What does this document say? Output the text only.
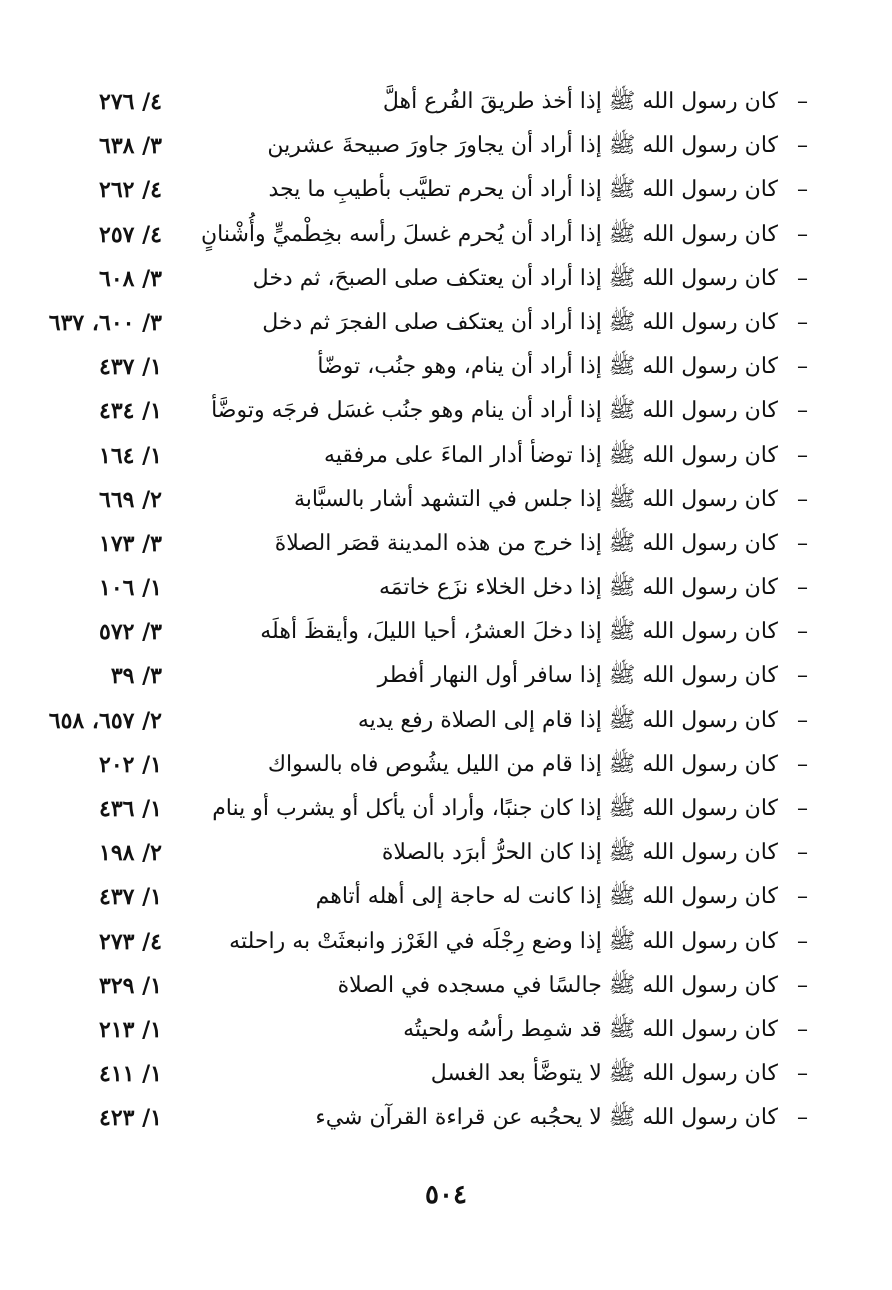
–
كان رسول الله ﷺ إذا أخذ طريقَ الفُرع أهلَّ
٤/ ٢٧٦
–
كان رسول الله ﷺ إذا أراد أن يجاورَ جاورَ صبيحةَ عشرين
٣/ ٦٣٨
–
كان رسول الله ﷺ إذا أراد أن يحرم تطيَّب بأطيبِ ما يجد
٤/ ٢٦٢
–
كان رسول الله ﷺ إذا أراد أن يُحرم غسلَ رأسه بخِطْميٍّ وأُشْنانٍ
٤/ ٢٥٧
–
كان رسول الله ﷺ إذا أراد أن يعتكف صلى الصبحَ، ثم دخل
٣/ ٦٠٨
–
كان رسول الله ﷺ إذا أراد أن يعتكف صلى الفجرَ ثم دخل
٣/ ٦٠٠، ٦٣٧
–
كان رسول الله ﷺ إذا أراد أن ينام، وهو جنُب، توضّأ
١/ ٤٣٧
–
كان رسول الله ﷺ إذا أراد أن ينام وهو جنُب غسَل فرجَه وتوضَّأ
١/ ٤٣٤
–
كان رسول الله ﷺ إذا توضأ أدار الماءَ على مرفقيه
١/ ١٦٤
–
كان رسول الله ﷺ إذا جلس في التشهد أشار بالسبَّابة
٢/ ٦٦٩
–
كان رسول الله ﷺ إذا خرج من هذه المدينة قصَر الصلاةَ
٣/ ١٧٣
–
كان رسول الله ﷺ إذا دخل الخلاء نزَع خاتمَه
١/ ١٠٦
–
كان رسول الله ﷺ إذا دخلَ العشرُ، أحيا الليلَ، وأيقظَ أهلَه
٣/ ٥٧٢
–
كان رسول الله ﷺ إذا سافر أول النهار أفطر
٣/ ٣٩
–
كان رسول الله ﷺ إذا قام إلى الصلاة رفع يديه
٢/ ٦٥٧، ٦٥٨
–
كان رسول الله ﷺ إذا قام من الليل يشُوص فاه بالسواك
١/ ٢٠٢
–
كان رسول الله ﷺ إذا كان جنبًا، وأراد أن يأكل أو يشرب أو ينام
١/ ٤٣٦
–
كان رسول الله ﷺ إذا كان الحرُّ أبرَد بالصلاة
٢/ ١٩٨
–
كان رسول الله ﷺ إذا كانت له حاجة إلى أهله أتاهم
١/ ٤٣٧
–
كان رسول الله ﷺ إذا وضع رِجْلَه في الغَرْز وانبعثَتْ به راحلته
٤/ ٢٧٣
–
كان رسول الله ﷺ جالسًا في مسجده في الصلاة
١/ ٣٢٩
–
كان رسول الله ﷺ قد شمِط رأسُه ولحيتُه
١/ ٢١٣
–
كان رسول الله ﷺ لا يتوضَّأ بعد الغسل
١/ ٤١١
–
كان رسول الله ﷺ لا يحجُبه عن قراءة القرآن شيء
١/ ٤٢٣
٥٠٤
